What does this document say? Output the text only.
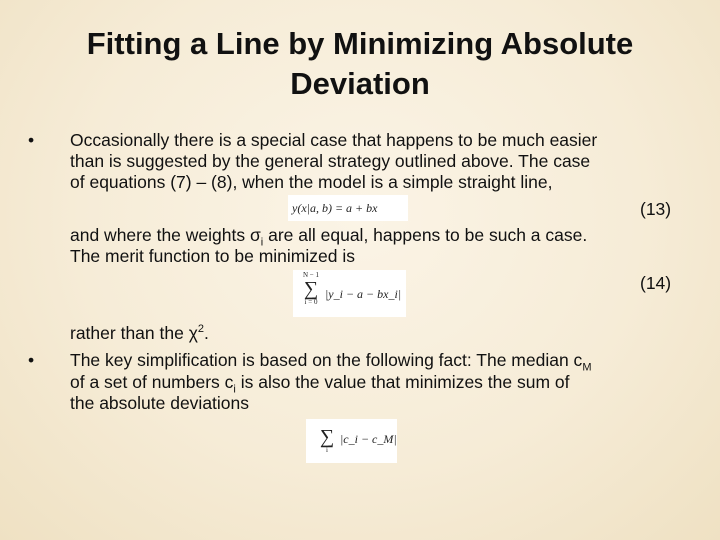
Fitting a Line by Minimizing Absolute Deviation
• Occasionally there is a special case that happens to be much easier
than is suggested by the general strategy outlined above. The case
of equations (7) – (8), when the model is a simple straight line,
y(x|a, b) = a + bx	(13)
and where the weights $\sigma_i$ are all equal, happens to be such a case.
The merit function to be minimized is
N − 1
∑
i = 0
|y_i − a − bx_i|
(14)
rather than the $\chi^2$.
• The key simplification is based on the following fact: The median $c_M$
of a set of numbers $c_i$ is also the value that minimizes the sum of
the absolute deviations
∑
i
|c_i − c_M|
